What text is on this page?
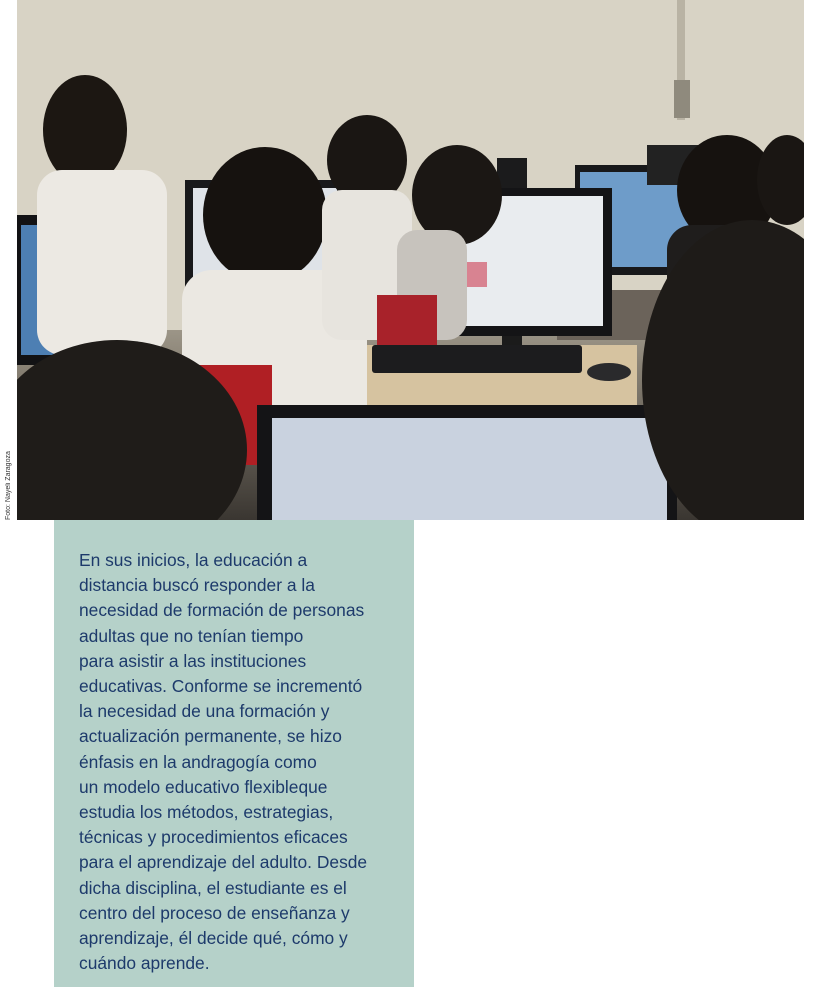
Foto: Nayeli Zaragoza

En sus inicios, la educación a
distancia buscó responder a la
necesidad de formación de personas
adultas que no tenían tiempo
para asistir a las instituciones
educativas. Conforme se incrementó
la necesidad de una formación y
actualización permanente, se hizo
énfasis en la andragogía como
un modelo educativo flexibleque
estudia los métodos, estrategias,
técnicas y procedimientos eficaces
para el aprendizaje del adulto. Desde
dicha disciplina, el estudiante es el
centro del proceso de enseñanza y
aprendizaje, él decide qué, cómo y
cuándo aprende.
